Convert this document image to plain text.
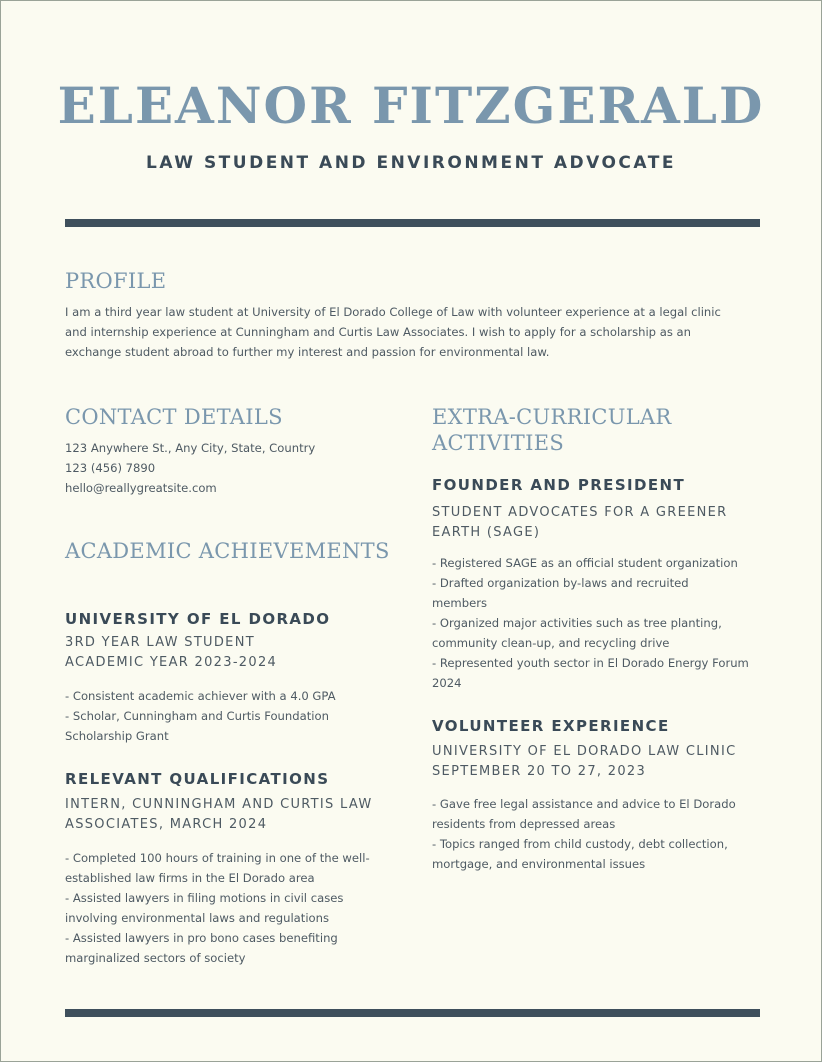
ELEANOR FITZGERALD
LAW STUDENT AND ENVIRONMENT ADVOCATE
PROFILE
I am a third year law student at University of El Dorado College of Law with volunteer experience at a legal clinic
and internship experience at Cunningham and Curtis Law Associates. I wish to apply for a scholarship as an
exchange student abroad to further my interest and passion for environmental law.
CONTACT DETAILS
123 Anywhere St., Any City, State, Country
123 (456) 7890
hello@reallygreatsite.com
ACADEMIC ACHIEVEMENTS
UNIVERSITY OF EL DORADO
3RD YEAR LAW STUDENT
ACADEMIC YEAR 2023-2024
- Consistent academic achiever with a 4.0 GPA
- Scholar, Cunningham and Curtis Foundation
Scholarship Grant
RELEVANT QUALIFICATIONS
INTERN, CUNNINGHAM AND CURTIS LAW
ASSOCIATES, MARCH 2024
- Completed 100 hours of training in one of the well-
established law firms in the El Dorado area
- Assisted lawyers in filing motions in civil cases
involving environmental laws and regulations
- Assisted lawyers in pro bono cases benefiting
marginalized sectors of society
EXTRA-CURRICULAR
ACTIVITIES
FOUNDER AND PRESIDENT
STUDENT ADVOCATES FOR A GREENER
EARTH (SAGE)
- Registered SAGE as an official student organization
- Drafted organization by-laws and recruited
members
- Organized major activities such as tree planting,
community clean-up, and recycling drive
- Represented youth sector in El Dorado Energy Forum
2024
VOLUNTEER EXPERIENCE
UNIVERSITY OF EL DORADO LAW CLINIC
SEPTEMBER 20 TO 27, 2023
- Gave free legal assistance and advice to El Dorado
residents from depressed areas
- Topics ranged from child custody, debt collection,
mortgage, and environmental issues
